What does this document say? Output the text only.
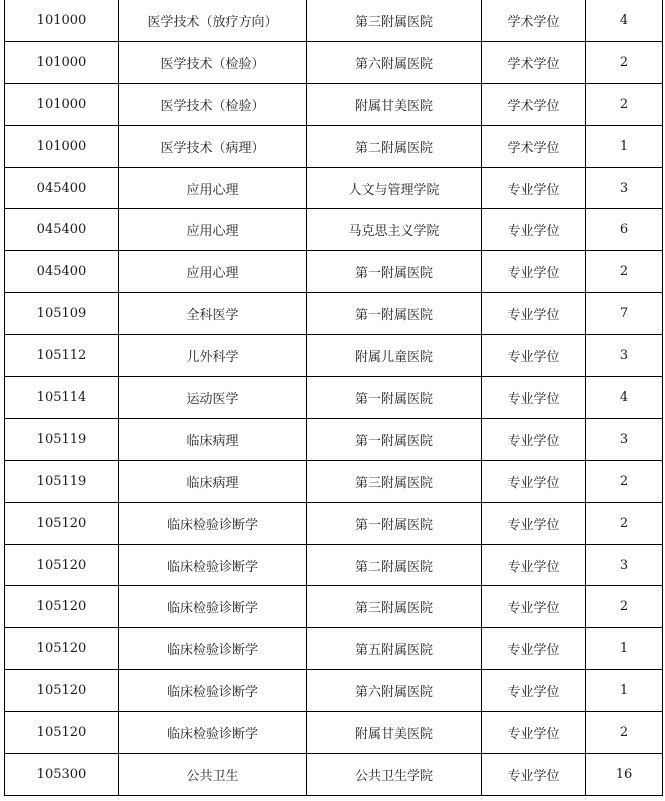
101000	医学技术（放疗方向）	第三附属医院	学术学位	4
101000	医学技术（检验）	第六附属医院	学术学位	2
101000	医学技术（检验）	附属甘美医院	学术学位	2
101000	医学技术（病理）	第二附属医院	学术学位	1
045400	应用心理	人文与管理学院	专业学位	3
045400	应用心理	马克思主义学院	专业学位	6
045400	应用心理	第一附属医院	专业学位	2
105109	全科医学	第一附属医院	专业学位	7
105112	儿外科学	附属儿童医院	专业学位	3
105114	运动医学	第一附属医院	专业学位	4
105119	临床病理	第一附属医院	专业学位	3
105119	临床病理	第三附属医院	专业学位	2
105120	临床检验诊断学	第一附属医院	专业学位	2
105120	临床检验诊断学	第二附属医院	专业学位	3
105120	临床检验诊断学	第三附属医院	专业学位	2
105120	临床检验诊断学	第五附属医院	专业学位	1
105120	临床检验诊断学	第六附属医院	专业学位	1
105120	临床检验诊断学	附属甘美医院	专业学位	2
105300	公共卫生	公共卫生学院	专业学位	16
